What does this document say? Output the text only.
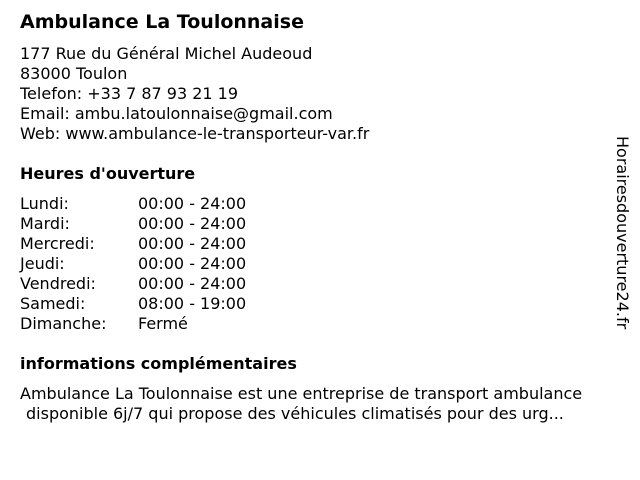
Ambulance La Toulonnaise
177 Rue du Général Michel Audeoud
83000 Toulon
Telefon: +33 7 87 93 21 19
Email: ambu.latoulonnaise@gmail.com
Web: www.ambulance-le-transporteur-var.fr
Heures d'ouverture
Lundi:	00:00 - 24:00
Mardi:	00:00 - 24:00
Mercredi:	00:00 - 24:00
Jeudi:	00:00 - 24:00
Vendredi:	00:00 - 24:00
Samedi:	08:00 - 19:00
Dimanche: Fermé
informations complémentaires
Ambulance La Toulonnaise est une entreprise de transport ambulance
disponible 6j/7 qui propose des véhicules climatisés pour des urg...
Horairesdouverture24.fr
